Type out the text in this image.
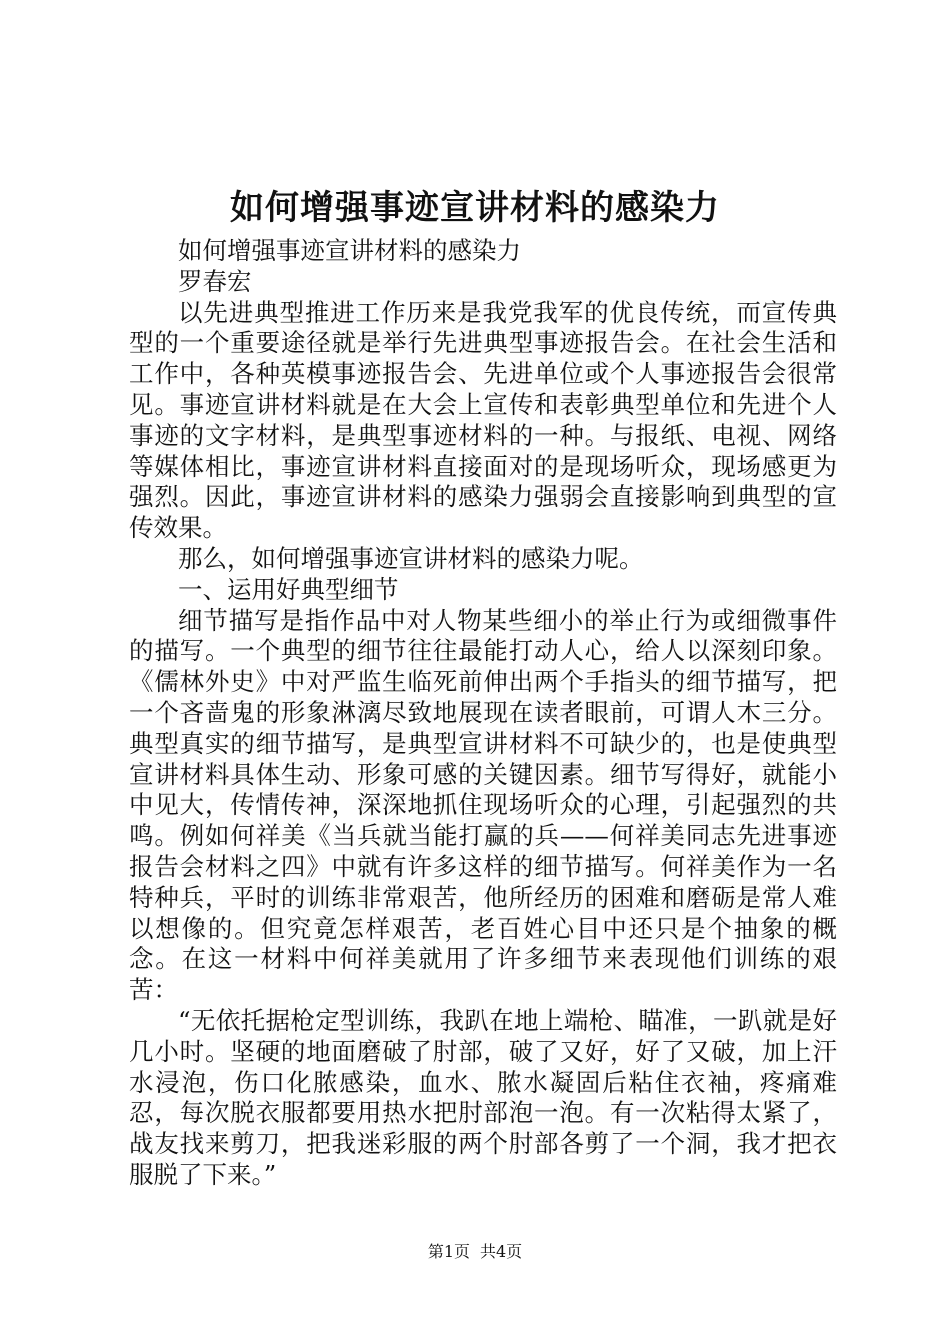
如何增强事迹宣讲材料的感染力

如何增强事迹宣讲材料的感染力

罗春宏

以先进典型推进工作历来是我党我军的优良传统，而宣传典型的一个重要途径就是举行先进典型事迹报告会。在社会生活和工作中，各种英模事迹报告会、先进单位或个人事迹报告会很常见。事迹宣讲材料就是在大会上宣传和表彰典型单位和先进个人事迹的文字材料，是典型事迹材料的一种。与报纸、电视、网络等媒体相比，事迹宣讲材料直接面对的是现场听众，现场感更为强烈。因此，事迹宣讲材料的感染力强弱会直接影响到典型的宣传效果。

那么，如何增强事迹宣讲材料的感染力呢。

一、运用好典型细节

细节描写是指作品中对人物某些细小的举止行为或细微事件的描写。一个典型的细节往往最能打动人心，给人以深刻印象。《儒林外史》中对严监生临死前伸出两个手指头的细节描写，把一个吝啬鬼的形象淋漓尽致地展现在读者眼前，可谓人木三分。典型真实的细节描写，是典型宣讲材料不可缺少的，也是使典型宣讲材料具体生动、形象可感的关键因素。细节写得好，就能小中见大，传情传神，深深地抓住现场听众的心理，引起强烈的共鸣。例如何祥美《当兵就当能打赢的兵——何祥美同志先进事迹报告会材料之四》中就有许多这样的细节描写。何祥美作为一名特种兵，平时的训练非常艰苦，他所经历的困难和磨砺是常人难以想像的。但究竟怎样艰苦，老百姓心目中还只是个抽象的概念。在这一材料中何祥美就用了许多细节来表现他们训练的艰苦：

“无依托据枪定型训练，我趴在地上端枪、瞄准，一趴就是好几小时。坚硬的地面磨破了肘部，破了又好，好了又破，加上汗水浸泡，伤口化脓感染，血水、脓水凝固后粘住衣袖，疼痛难忍，每次脱衣服都要用热水把肘部泡一泡。有一次粘得太紧了，战友找来剪刀，把我迷彩服的两个肘部各剪了一个洞，我才把衣服脱了下来。”

第1页 共4页
